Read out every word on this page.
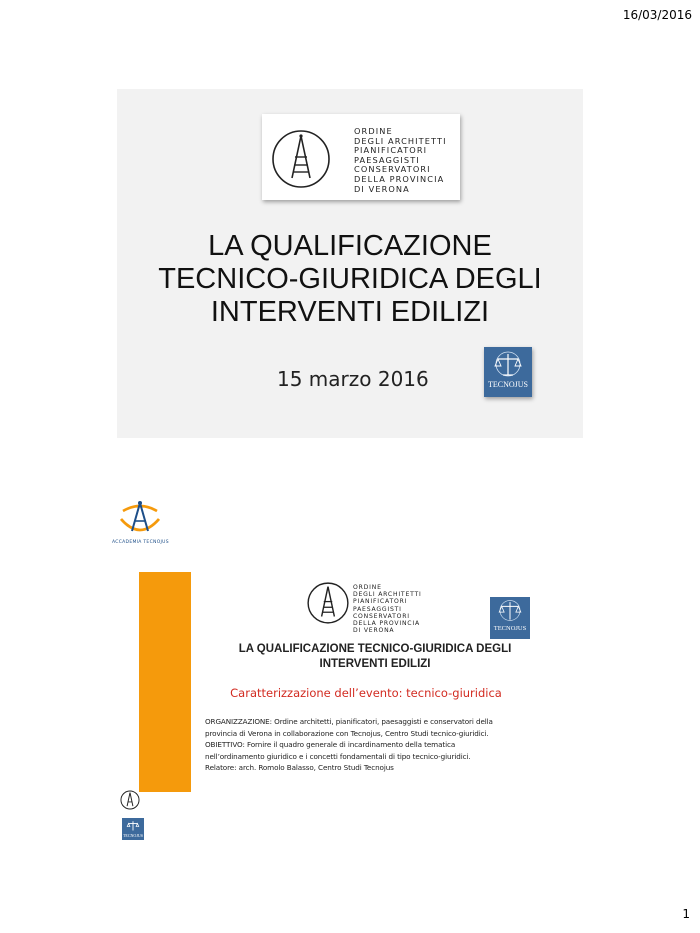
16/03/2016
ORDINE
DEGLI ARCHITETTI
PIANIFICATORI
PAESAGGISTI
CONSERVATORI
DELLA PROVINCIA
DI VERONA
LA QUALIFICAZIONE
TECNICO-GIURIDICA DEGLI
INTERVENTI EDILIZI
15 marzo 2016	TECNOJUS
ACCADEMIA TECNOJUS
ORDINE
DEGLI ARCHITETTI
PIANIFICATORI
PAESAGGISTI
CONSERVATORI
DELLA PROVINCIA
DI VERONA	TECNOJUS
LA QUALIFICAZIONE TECNICO-GIURIDICA DEGLI
INTERVENTI EDILIZI
Caratterizzazione dell’evento: tecnico-giuridica
ORGANIZZAZIONE: Ordine architetti, pianificatori, paesaggisti e conservatori della
provincia di Verona in collaborazione con Tecnojus, Centro Studi tecnico-giuridici.
OBIETTIVO: Fornire il quadro generale di incardinamento della tematica
nell’ordinamento giuridico e i concetti fondamentali di tipo tecnico-giuridici.
Relatore: arch. Romolo Balasso, Centro Studi Tecnojus
TECNOJUS
1
